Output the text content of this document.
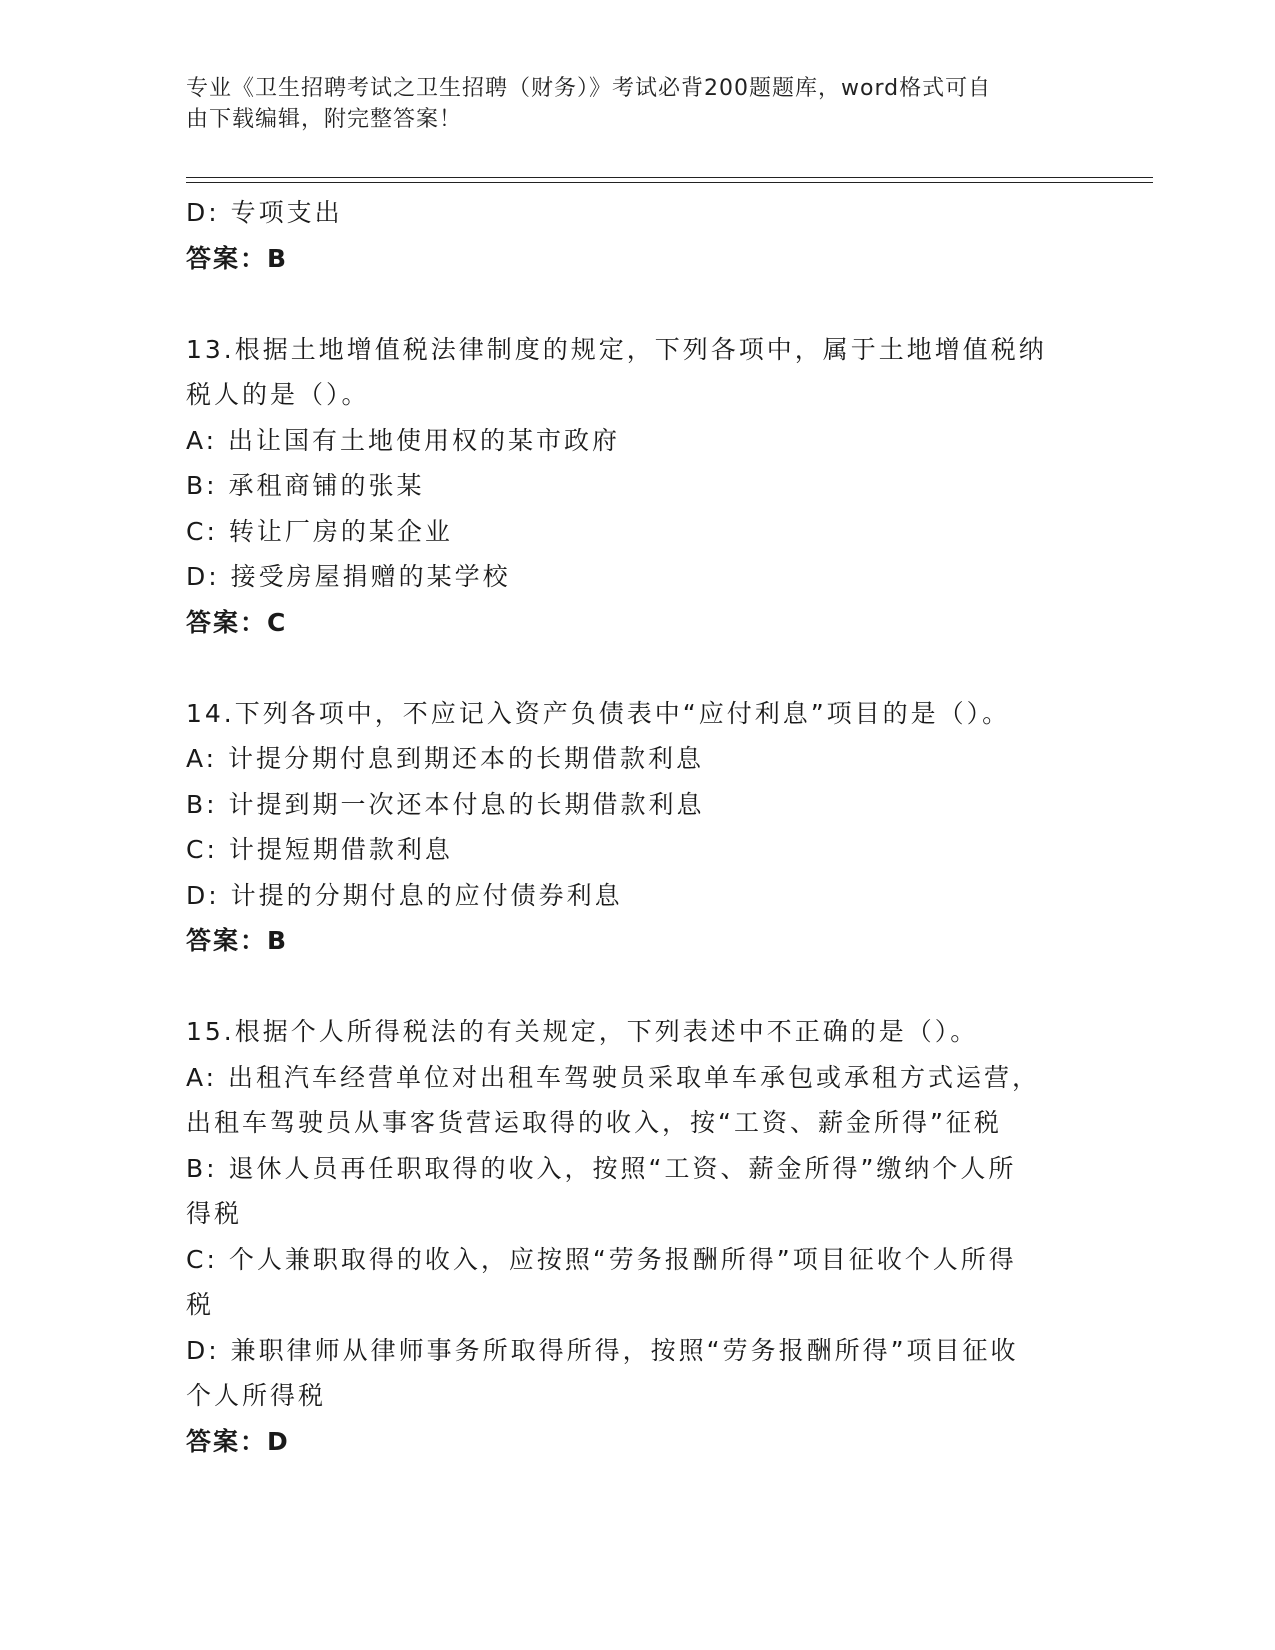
专业《卫生招聘考试之卫生招聘（财务）》考试必背200题题库，word格式可自
由下载编辑，附完整答案！
D: 专项支出
答案：B
13.根据土地增值税法律制度的规定，下列各项中，属于土地增值税纳
税人的是（）。
A: 出让国有土地使用权的某市政府
B: 承租商铺的张某
C: 转让厂房的某企业
D: 接受房屋捐赠的某学校
答案：C
14.下列各项中，不应记入资产负债表中“应付利息”项目的是（）。
A: 计提分期付息到期还本的长期借款利息
B: 计提到期一次还本付息的长期借款利息
C: 计提短期借款利息
D: 计提的分期付息的应付债券利息
答案：B
15.根据个人所得税法的有关规定，下列表述中不正确的是（）。
A: 出租汽车经营单位对出租车驾驶员采取单车承包或承租方式运营，
出租车驾驶员从事客货营运取得的收入，按“工资、薪金所得”征税
B: 退休人员再任职取得的收入，按照“工资、薪金所得”缴纳个人所
得税
C: 个人兼职取得的收入，应按照“劳务报酬所得”项目征收个人所得
税
D: 兼职律师从律师事务所取得所得，按照“劳务报酬所得”项目征收
个人所得税
答案：D
